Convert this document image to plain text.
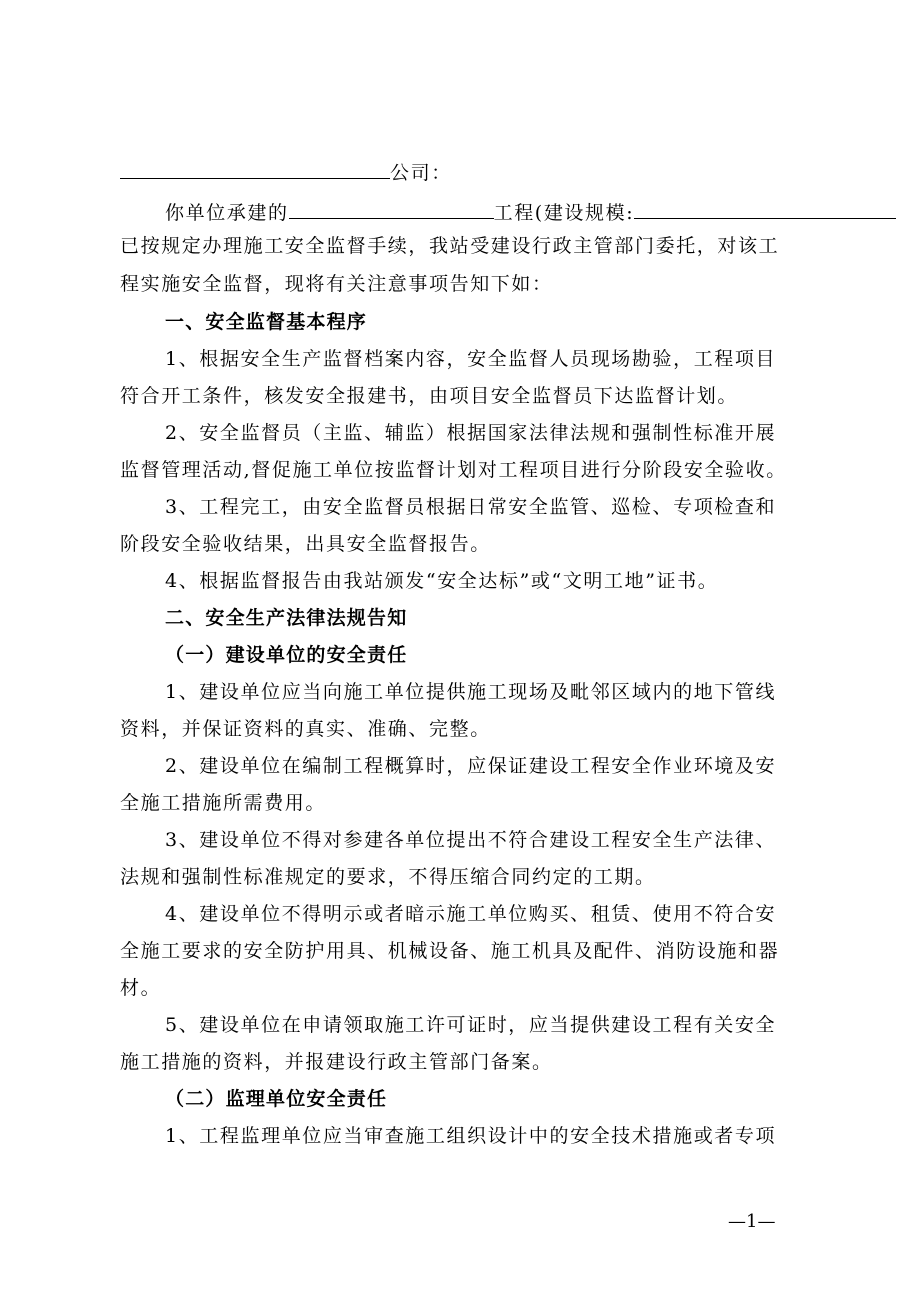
公司：
你单位承建的	工程(建设规模:
已按规定办理施工安全监督手续，我站受建设行政主管部门委托，对该工
程实施安全监督，现将有关注意事项告知下如：
一、安全监督基本程序
1、根据安全生产监督档案内容，安全监督人员现场勘验，工程项目
符合开工条件，核发安全报建书，由项目安全监督员下达监督计划。
2、安全监督员（主监、辅监）根据国家法律法规和强制性标准开展
监督管理活动,督促施工单位按监督计划对工程项目进行分阶段安全验收。
3、工程完工，由安全监督员根据日常安全监管、巡检、专项检查和
阶段安全验收结果，出具安全监督报告。
4、根据监督报告由我站颁发“安全达标”或“文明工地”证书。
二、安全生产法律法规告知
（一）建设单位的安全责任
1、建设单位应当向施工单位提供施工现场及毗邻区域内的地下管线
资料，并保证资料的真实、准确、完整。
2、建设单位在编制工程概算时，应保证建设工程安全作业环境及安
全施工措施所需费用。
3、建设单位不得对参建各单位提出不符合建设工程安全生产法律、
法规和强制性标准规定的要求，不得压缩合同约定的工期。
4、建设单位不得明示或者暗示施工单位购买、租赁、使用不符合安
全施工要求的安全防护用具、机械设备、施工机具及配件、消防设施和器
材。
5、建设单位在申请领取施工许可证时，应当提供建设工程有关安全
施工措施的资料，并报建设行政主管部门备案。
（二）监理单位安全责任
1、工程监理单位应当审查施工组织设计中的安全技术措施或者专项
—1—
